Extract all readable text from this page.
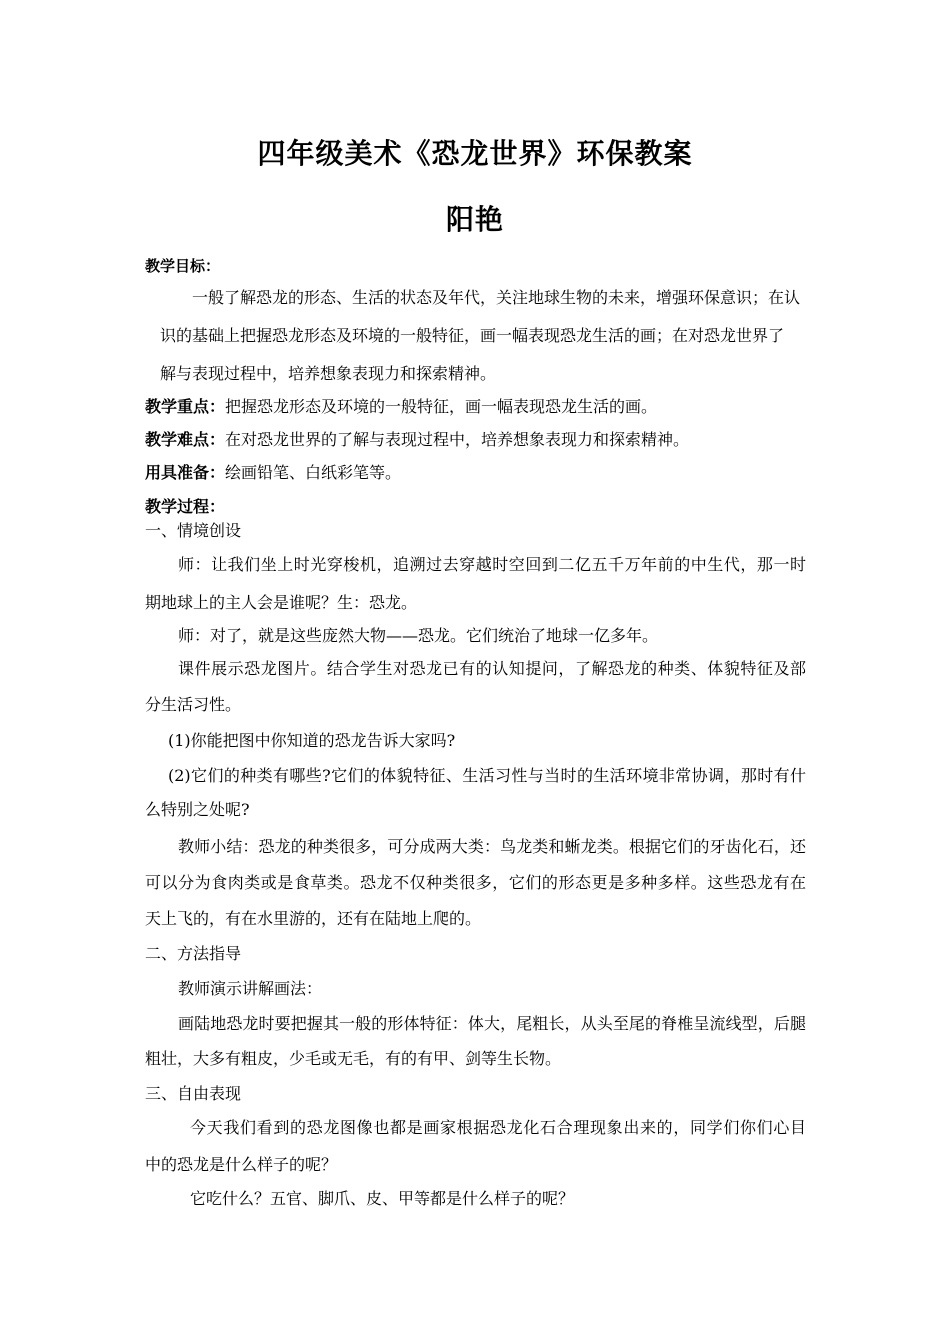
四年级美术《恐龙世界》环保教案
阳艳
教学目标：
一般了解恐龙的形态、生活的状态及年代，关注地球生物的未来，增强环保意识；在认
识的基础上把握恐龙形态及环境的一般特征，画一幅表现恐龙生活的画；在对恐龙世界了
解与表现过程中，培养想象表现力和探索精神。
教学重点：把握恐龙形态及环境的一般特征，画一幅表现恐龙生活的画。
教学难点：在对恐龙世界的了解与表现过程中，培养想象表现力和探索精神。
用具准备：绘画铅笔、白纸彩笔等。
教学过程：
一、情境创设
师：让我们坐上时光穿梭机，追溯过去穿越时空回到二亿五千万年前的中生代，那一时
期地球上的主人会是谁呢？生：恐龙。
师：对了，就是这些庞然大物——恐龙。它们统治了地球一亿多年。
课件展示恐龙图片。结合学生对恐龙已有的认知提问，了解恐龙的种类、体貌特征及部
分生活习性。
(1)你能把图中你知道的恐龙告诉大家吗?
(2)它们的种类有哪些?它们的体貌特征、生活习性与当时的生活环境非常协调，那时有什
么特别之处呢?
教师小结：恐龙的种类很多，可分成两大类：鸟龙类和蜥龙类。根据它们的牙齿化石，还
可以分为食肉类或是食草类。恐龙不仅种类很多，它们的形态更是多种多样。这些恐龙有在
天上飞的，有在水里游的，还有在陆地上爬的。
二、方法指导
教师演示讲解画法：
画陆地恐龙时要把握其一般的形体特征：体大，尾粗长，从头至尾的脊椎呈流线型，后腿
粗壮，大多有粗皮，少毛或无毛，有的有甲、剑等生长物。
三、自由表现
今天我们看到的恐龙图像也都是画家根据恐龙化石合理现象出来的，同学们你们心目
中的恐龙是什么样子的呢？
它吃什么？五官、脚爪、皮、甲等都是什么样子的呢？
